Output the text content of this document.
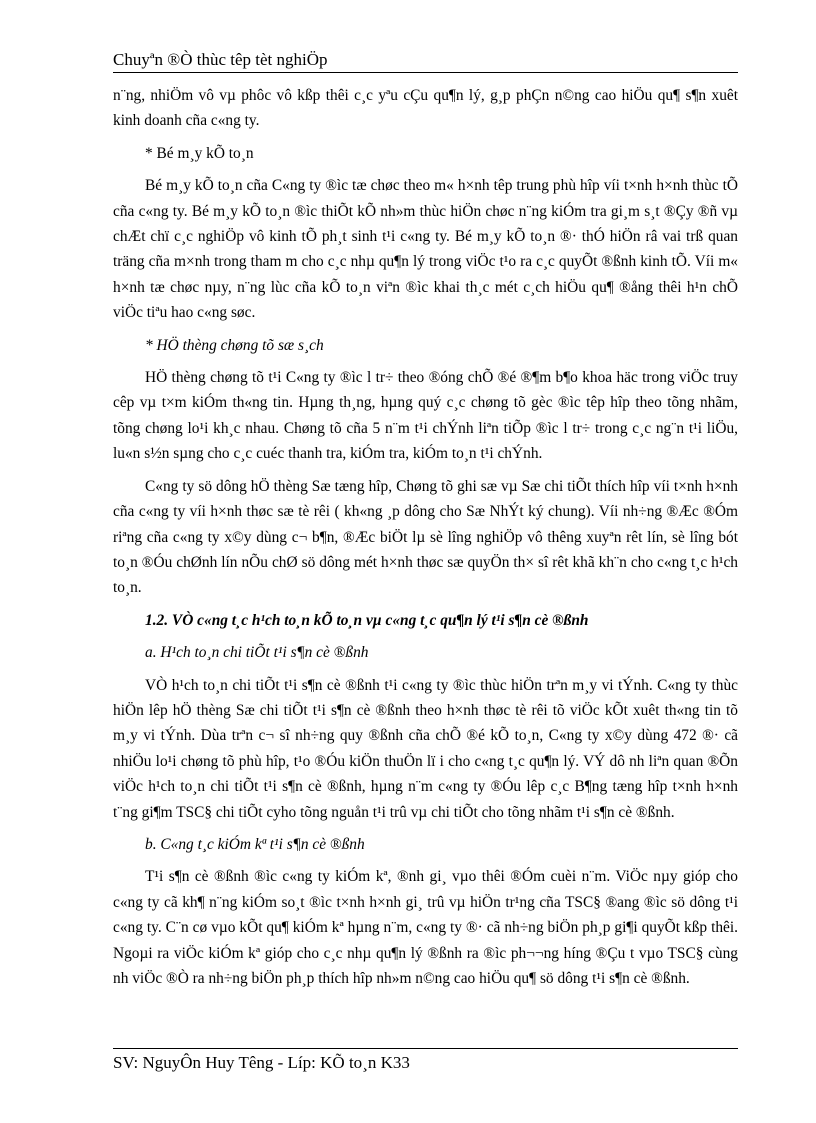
Chuyªn ®Ò thùc têp tèt nghiÖp

n¨ng, nhiÖm vô vµ phôc vô kßp thêi c¸c yªu cÇu qu¶n lý, g¸p phÇn n©ng cao hiÖu qu¶ s¶n xuêt kinh doanh cña c«ng ty.

* Bé m¸y kÕ to¸n

Bé m¸y kÕ to¸n cña C«ng ty ®ìc tæ chøc theo m« h×nh têp trung phù hîp víi t×nh h×nh thùc tÕ cña c«ng ty. Bé m¸y kÕ to¸n ®ìc thiÕt kÕ nh»m thùc hiÖn chøc n¨ng kiÓm tra gi¸m s¸t ®Çy ®ñ vµ chÆt chï c¸c nghiÖp vô kinh tÕ ph¸t sinh t¹i c«ng ty. Bé m¸y kÕ to¸n ®· thÓ hiÖn râ vai trß quan träng cña m×nh trong tham m cho c¸c nhµ qu¶n lý trong viÖc t¹o ra c¸c quyÕt ®ßnh kinh tÕ. Víi m« h×nh tæ chøc nµy, n¨ng lùc cña kÕ to¸n viªn ®ìc khai th¸c mét c¸ch hiÖu qu¶ ®ång thêi h¹n chÕ viÖc tiªu hao c«ng søc.

* HÖ thèng chøng tõ sæ s¸ch

HÖ thèng chøng tõ t¹i C«ng ty ®ìc l tr÷ theo ®óng chÕ ®é ®¶m b¶o khoa häc trong viÖc truy cêp vµ t×m kiÓm th«ng tin. Hµng th¸ng, hµng quý c¸c chøng tõ gèc ®ìc têp hîp theo tõng nhãm, tõng chøng lo¹i kh¸c nhau. Chøng tõ cña 5 n¨m t¹i chÝnh liªn tiÕp ®ìc l tr÷ trong c¸c ng¨n t¹i liÖu, lu«n s½n sµng cho c¸c cuéc thanh tra, kiÓm tra, kiÓm to¸n t¹i chÝnh.

C«ng ty sö dông hÖ thèng Sæ tæng hîp, Chøng tõ ghi sæ vµ Sæ chi tiÕt thích hîp víi t×nh h×nh cña c«ng ty víi h×nh thøc sæ tè rêi ( kh«ng ¸p dông cho Sæ NhÝt ký chung). Víi nh÷ng ®Æc ®Óm riªng cña c«ng ty x©y dùng c¬ b¶n, ®Æc biÖt lµ sè lîng nghiÖp vô thêng xuyªn rêt lín, sè lîng bót to¸n ®Óu chØnh lín nÕu chØ sö dông mét h×nh thøc sæ quyÖn th× sî rêt khã kh¨n cho c«ng t¸c h¹ch to¸n.

1.2. VÒ c«ng t¸c h¹ch to¸n kÕ to¸n vµ c«ng t¸c qu¶n lý t¹i s¶n cè ®ßnh

a. H¹ch to¸n chi tiÕt t¹i s¶n cè ®ßnh

VÒ h¹ch to¸n chi tiÕt t¹i s¶n cè ®ßnh t¹i c«ng ty ®ìc thùc hiÖn trªn m¸y vi tÝnh. C«ng ty thùc hiÖn lêp hÖ thèng Sæ chi tiÕt t¹i s¶n cè ®ßnh theo h×nh thøc tè rêi tõ viÖc kÕt xuêt th«ng tin tõ m¸y vi tÝnh. Dùa trªn c¬ sî nh÷ng quy ®ßnh cña chÕ ®é kÕ to¸n, C«ng ty x©y dùng 472 ®· cã nhiÖu lo¹i chøng tõ phù hîp, t¹o ®Óu kiÖn thuÖn lï i cho c«ng t¸c qu¶n lý. VÝ dô nh liªn quan ®Õn viÖc h¹ch to¸n chi tiÕt t¹i s¶n cè ®ßnh, hµng n¨m c«ng ty ®Óu lêp c¸c B¶ng tæng hîp t×nh h×nh t¨ng gi¶m TSC§ chi tiÕt cyho tõng nguån t¹i trû vµ chi tiÕt cho tõng nhãm t¹i s¶n cè ®ßnh.

b. C«ng t¸c kiÓm kª t¹i s¶n cè ®ßnh

T¹i s¶n cè ®ßnh ®ìc c«ng ty kiÓm kª, ®nh gi¸ vµo thêi ®Óm cuèi n¨m. ViÖc nµy gióp cho c«ng ty cã kh¶ n¨ng kiÓm so¸t ®ìc t×nh h×nh gi¸ trû vµ hiÖn tr¹ng cña TSC§ ®ang ®ìc sö dông t¹i c«ng ty. C¨n cø vµo kÕt qu¶ kiÓm kª hµng n¨m, c«ng ty ®· cã nh÷ng biÖn ph¸p gi¶i quyÕt kßp thêi. Ngoµi ra viÖc kiÓm kª gióp cho c¸c nhµ qu¶n lý ®ßnh ra ®ìc ph¬¬ng híng ®Çu t vµo TSC§ cùng nh viÖc ®Ò ra nh÷ng biÖn ph¸p thích hîp nh»m n©ng cao hiÖu qu¶ sö dông t¹i s¶n cè ®ßnh.

SV: NguyÔn Huy Têng - Líp: KÕ to¸n K33
